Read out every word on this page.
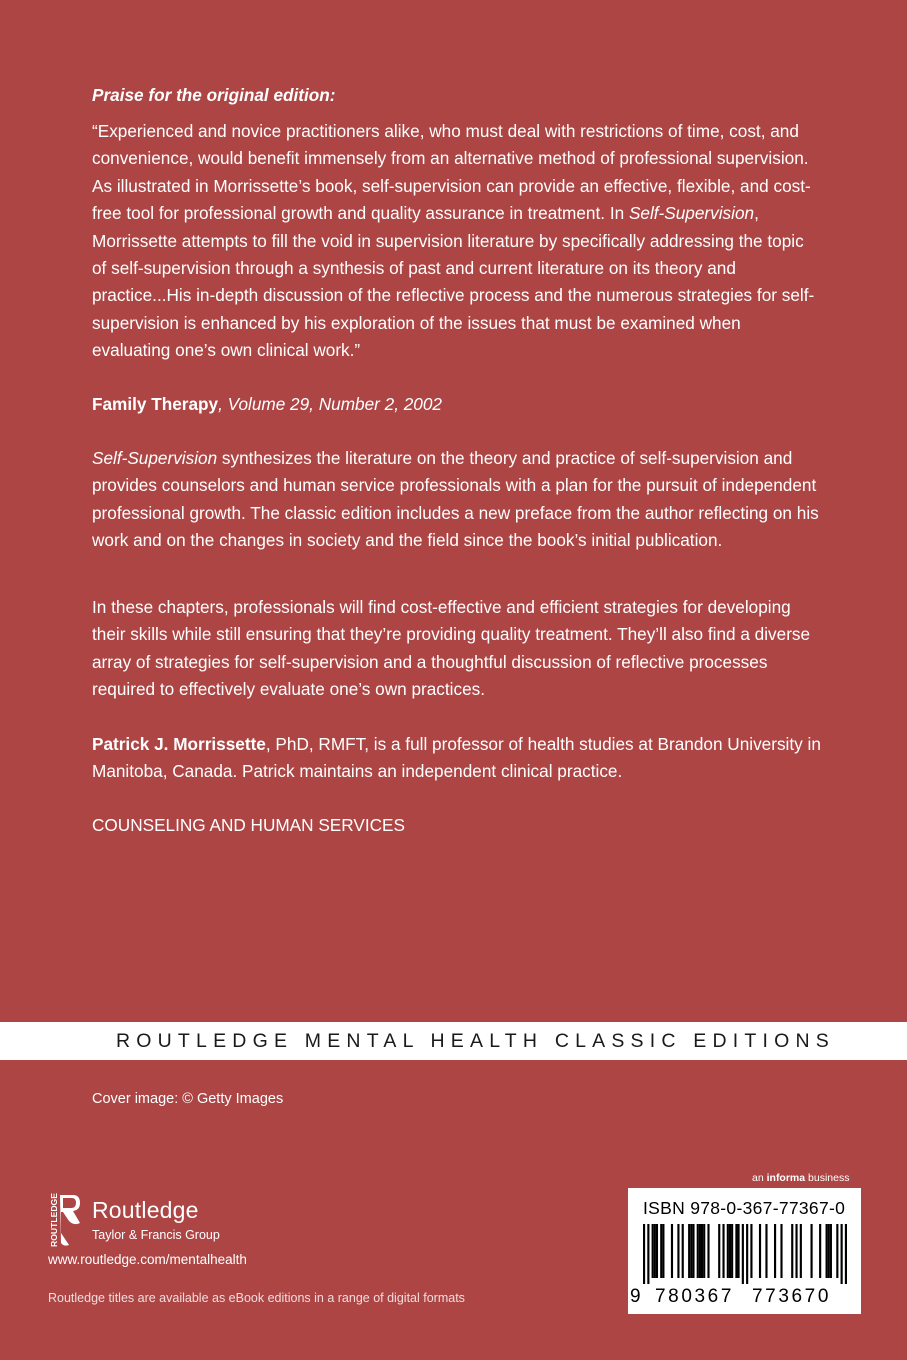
Praise for the original edition:
“Experienced and novice practitioners alike, who must deal with restrictions of time, cost, and convenience, would benefit immensely from an alternative method of professional supervision. As illustrated in Morrissette’s book, self-supervision can provide an effective, flexible, and cost-free tool for professional growth and quality assurance in treatment. In Self-Supervision, Morrissette attempts to fill the void in supervision literature by specifically addressing the topic of self-supervision through a synthesis of past and current literature on its theory and practice...His in-depth discussion of the reflective process and the numerous strategies for self-supervision is enhanced by his exploration of the issues that must be examined when evaluating one’s own clinical work.”
Family Therapy, Volume 29, Number 2, 2002
Self-Supervision synthesizes the literature on the theory and practice of self-supervision and provides counselors and human service professionals with a plan for the pursuit of independent professional growth. The classic edition includes a new preface from the author reflecting on his work and on the changes in society and the field since the book’s initial publication.
In these chapters, professionals will find cost-effective and efficient strategies for developing their skills while still ensuring that they’re providing quality treatment. They’ll also find a diverse array of strategies for self-supervision and a thoughtful discussion of reflective processes required to effectively evaluate one’s own practices.
Patrick J. Morrissette, PhD, RMFT, is a full professor of health studies at Brandon University in Manitoba, Canada. Patrick maintains an independent clinical practice.
COUNSELING AND HUMAN SERVICES
ROUTLEDGE MENTAL HEALTH CLASSIC EDITIONS
Cover image: © Getty Images
ROUTLEDGE Routledge
Taylor & Francis Group
www.routledge.com/mentalhealth
Routledge titles are available as eBook editions in a range of digital formats
an informa business
ISBN 978-0-367-77367-0
9 780367 773670
